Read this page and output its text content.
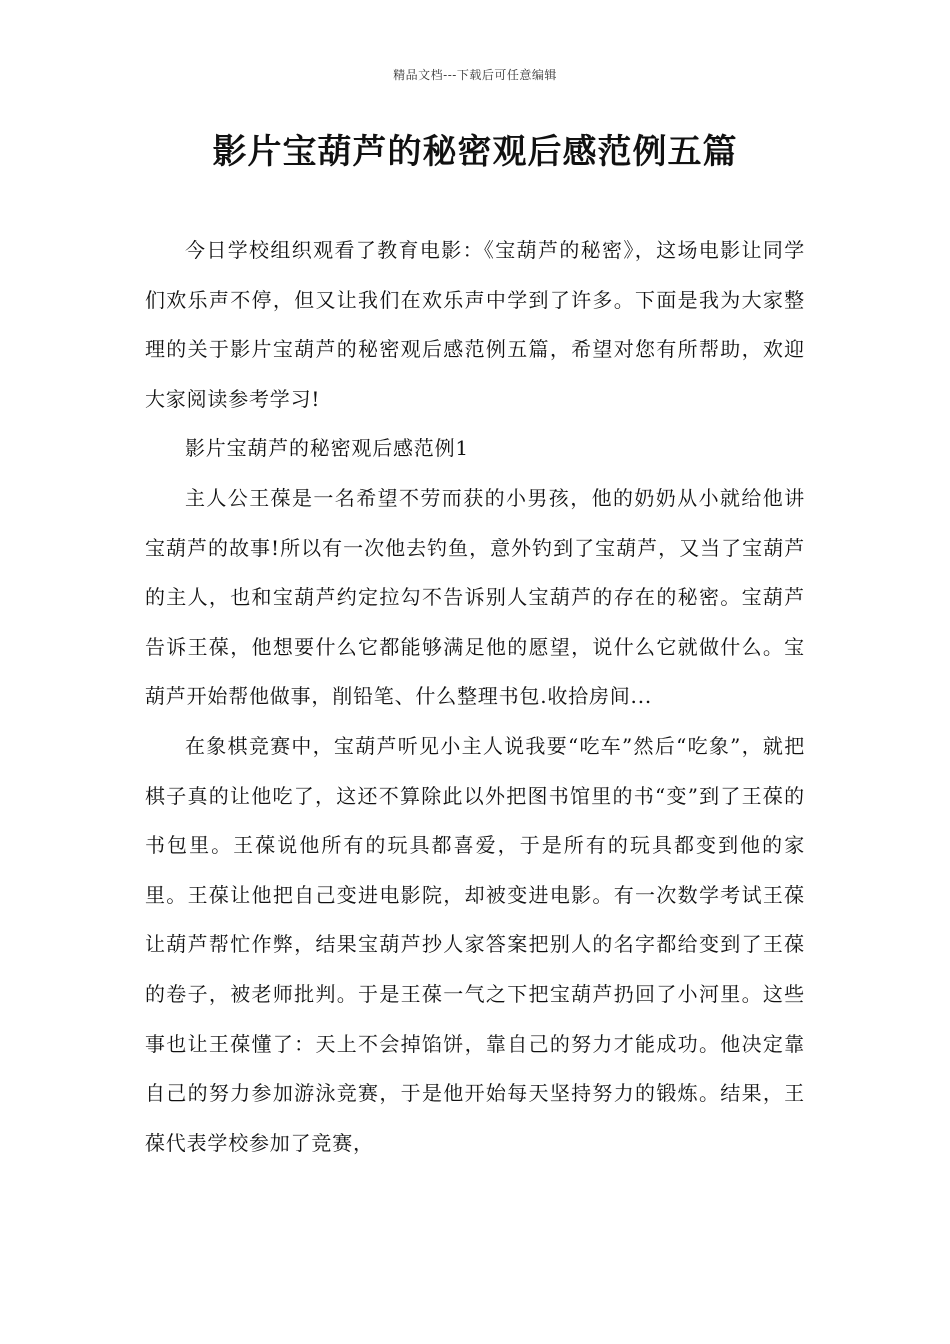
精品文档---下载后可任意编辑
影片宝葫芦的秘密观后感范例五篇

今日学校组织观看了教育电影：《宝葫芦的秘密》，这场电影让同学们欢乐声不停，但又让我们在欢乐声中学到了许多。下面是我为大家整理的关于影片宝葫芦的秘密观后感范例五篇，希望对您有所帮助，欢迎大家阅读参考学习!

影片宝葫芦的秘密观后感范例1

主人公王葆是一名希望不劳而获的小男孩，他的奶奶从小就给他讲宝葫芦的故事!所以有一次他去钓鱼，意外钓到了宝葫芦，又当了宝葫芦的主人，也和宝葫芦约定拉勾不告诉别人宝葫芦的存在的秘密。宝葫芦告诉王葆，他想要什么它都能够满足他的愿望，说什么它就做什么。宝葫芦开始帮他做事，削铅笔、什么整理书包.收拾房间...

在象棋竞赛中，宝葫芦听见小主人说我要“吃车”然后“吃象”，就把棋子真的让他吃了，这还不算除此以外把图书馆里的书“变”到了王葆的书包里。王葆说他所有的玩具都喜爱，于是所有的玩具都变到他的家里。王葆让他把自己变进电影院，却被变进电影。有一次数学考试王葆让葫芦帮忙作弊，结果宝葫芦抄人家答案把别人的名字都给变到了王葆的卷子，被老师批判。于是王葆一气之下把宝葫芦扔回了小河里。这些事也让王葆懂了：天上不会掉馅饼，靠自己的努力才能成功。他决定靠自己的努力参加游泳竞赛，于是他开始每天坚持努力的锻炼。结果，王葆代表学校参加了竞赛，
